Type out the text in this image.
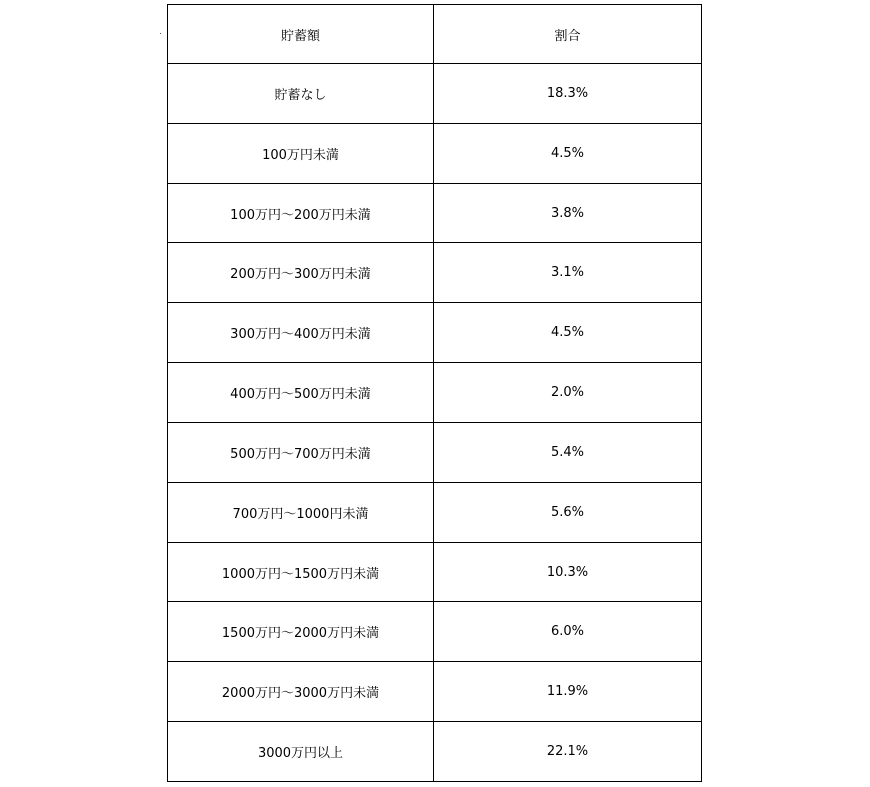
貯蓄額	割合
貯蓄なし	18.3%
100万円未満	4.5%
100万円～200万円未満	3.8%
200万円～300万円未満	3.1%
300万円～400万円未満	4.5%
400万円～500万円未満	2.0%
500万円～700万円未満	5.4%
700万円～1000円未満	5.6%
1000万円～1500万円未満	10.3%
1500万円～2000万円未満	6.0%
2000万円～3000万円未満	11.9%
3000万円以上	22.1%
